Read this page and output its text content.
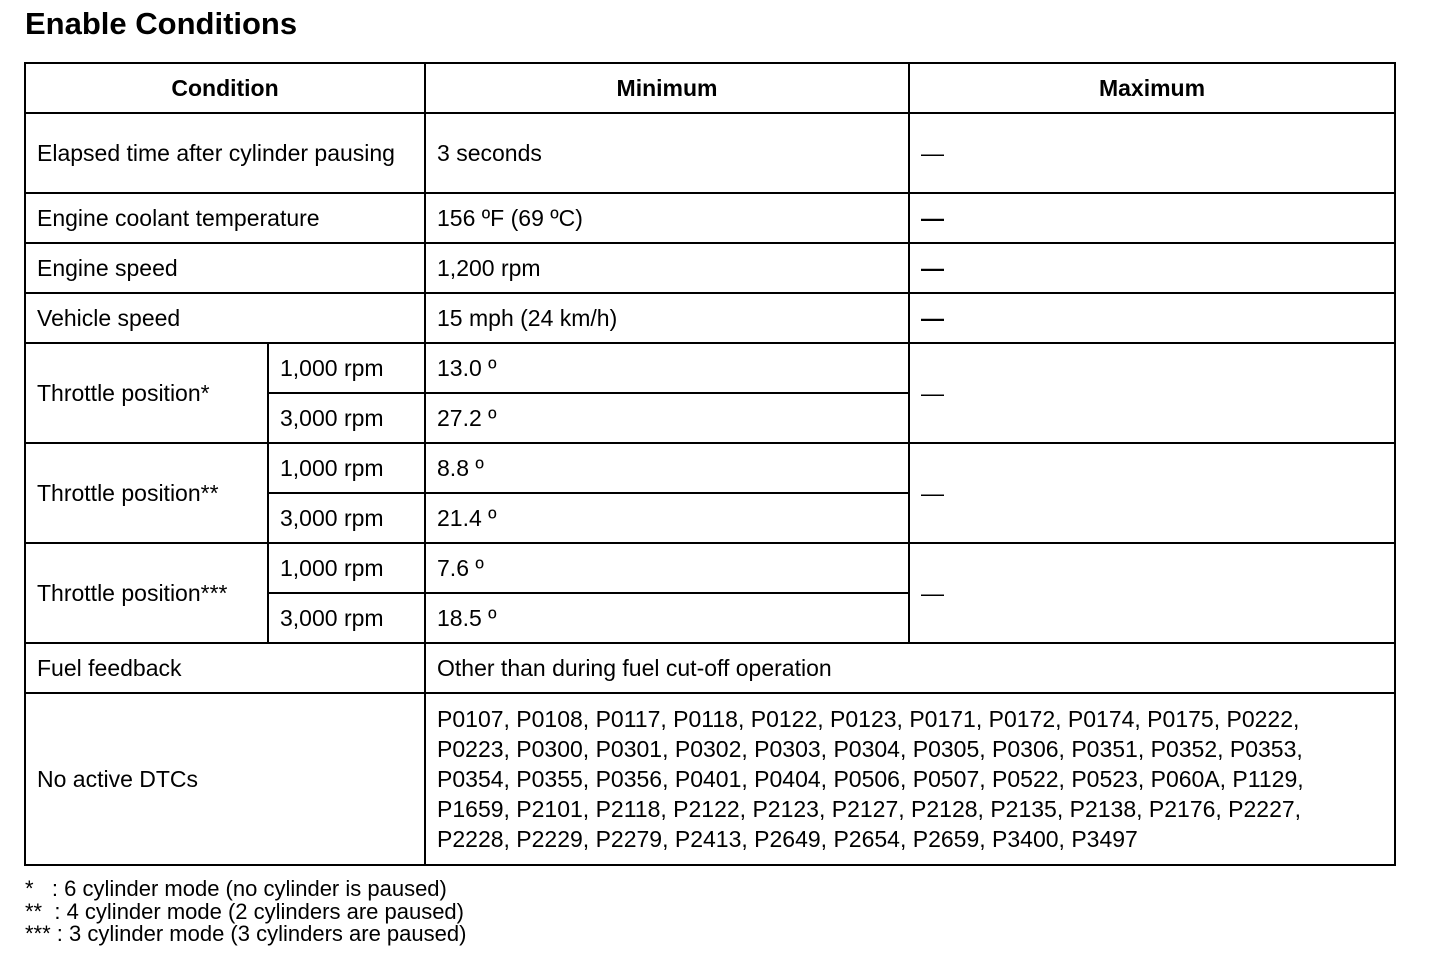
Enable Conditions
Condition		Minimum	Maximum
Elapsed time after cylinder pausing		3 seconds	—
Engine coolant temperature		156 ºF (69 ºC)	—
Engine speed		1,200 rpm	—
Vehicle speed		15 mph (24 km/h)	—
Throttle position*	1,000 rpm	13.0 º	—
	3,000 rpm	27.2 º	
Throttle position**	1,000 rpm	8.8 º	—
	3,000 rpm	21.4 º	
Throttle position***	1,000 rpm	7.6 º	—
	3,000 rpm	18.5 º	
Fuel feedback		Other than during fuel cut-off operation	
No active DTCs		P0107, P0108, P0117, P0118, P0122, P0123, P0171, P0172, P0174, P0175, P0222,
P0223, P0300, P0301, P0302, P0303, P0304, P0305, P0306, P0351, P0352, P0353,
P0354, P0355, P0356, P0401, P0404, P0506, P0507, P0522, P0523, P060A, P1129,
P1659, P2101, P2118, P2122, P2123, P2127, P2128, P2135, P2138, P2176, P2227,
P2228, P2229, P2279, P2413, P2649, P2654, P2659, P3400, P3497	
*   : 6 cylinder mode (no cylinder is paused)
**  : 4 cylinder mode (2 cylinders are paused)
*** : 3 cylinder mode (3 cylinders are paused)
